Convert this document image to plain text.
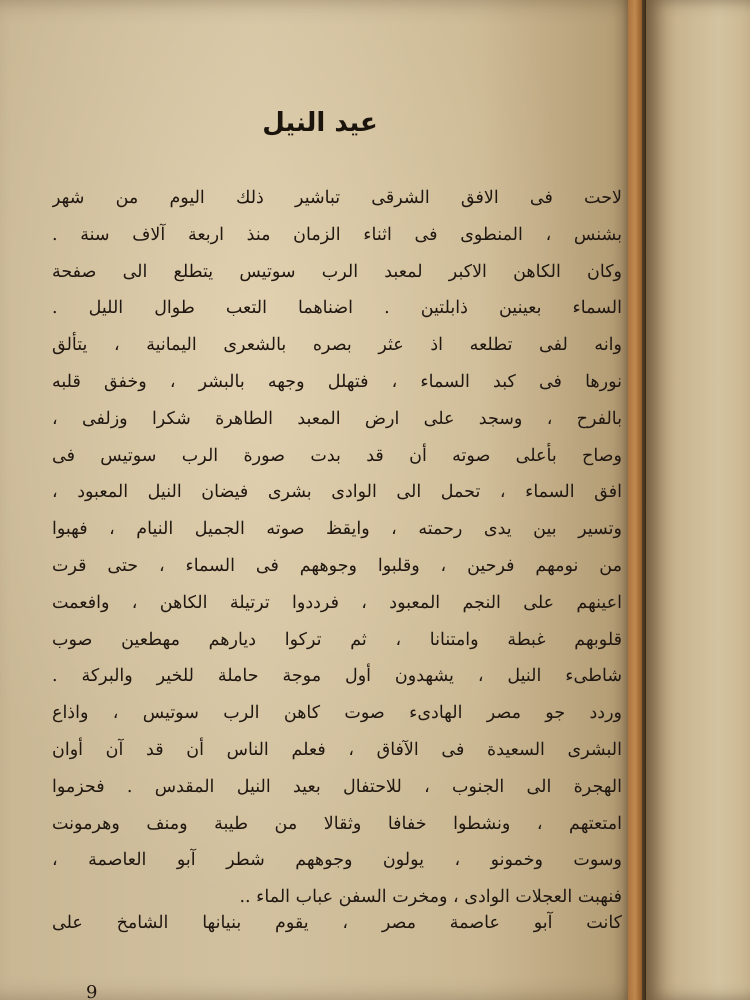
عيد النيل
لاحت فى الافق الشرقى تباشير ذلك اليوم من شهر
بشنس ، المنطوى فى اثناء الزمان منذ اربعة آلاف سنة .
وكان الكاهن الاكبر لمعبد الرب سوتيس يتطلع الى صفحة
السماء بعينين ذابلتين . اضناهما التعب طوال الليل .
وانه لفى تطلعه اذ عثر بصره بالشعرى اليمانية ، يتألق
نورها فى كبد السماء ، فتهلل وجهه بالبشر ، وخفق قلبه
بالفرح ، وسجد على ارض المعبد الطاهرة شكرا وزلفى ،
وصاح بأعلى صوته أن قد بدت صورة الرب سوتيس فى
افق السماء ، تحمل الى الوادى بشرى فيضان النيل المعبود ،
وتسير بين يدى رحمته ، وايقظ صوته الجميل النيام ، فهبوا
من نومهم فرحين ، وقلبوا وجوههم فى السماء ، حتى قرت
اعينهم على النجم المعبود ، فرددوا ترتيلة الكاهن ، وافعمت
قلوبهم غبطة وامتنانا ، ثم تركوا ديارهم مهطعين صوب
شاطىء النيل ، يشهدون أول موجة حاملة للخير والبركة .
وردد جو مصر الهادىء صوت كاهن الرب سوتيس ، واذاع
البشرى السعيدة فى الآفاق ، فعلم الناس أن قد آن أوان
الهجرة الى الجنوب ، للاحتفال بعيد النيل المقدس . فحزموا
امتعتهم ، ونشطوا خفافا وثقالا من طيبة ومنف وهرمونت
وسوت وخمونو ، يولون وجوههم شطر آبو العاصمة ،
فنهبت العجلات الوادى ، ومخرت السفن عباب الماء ..
كانت آبو عاصمة مصر ، يقوم بنيانها الشامخ على
9
